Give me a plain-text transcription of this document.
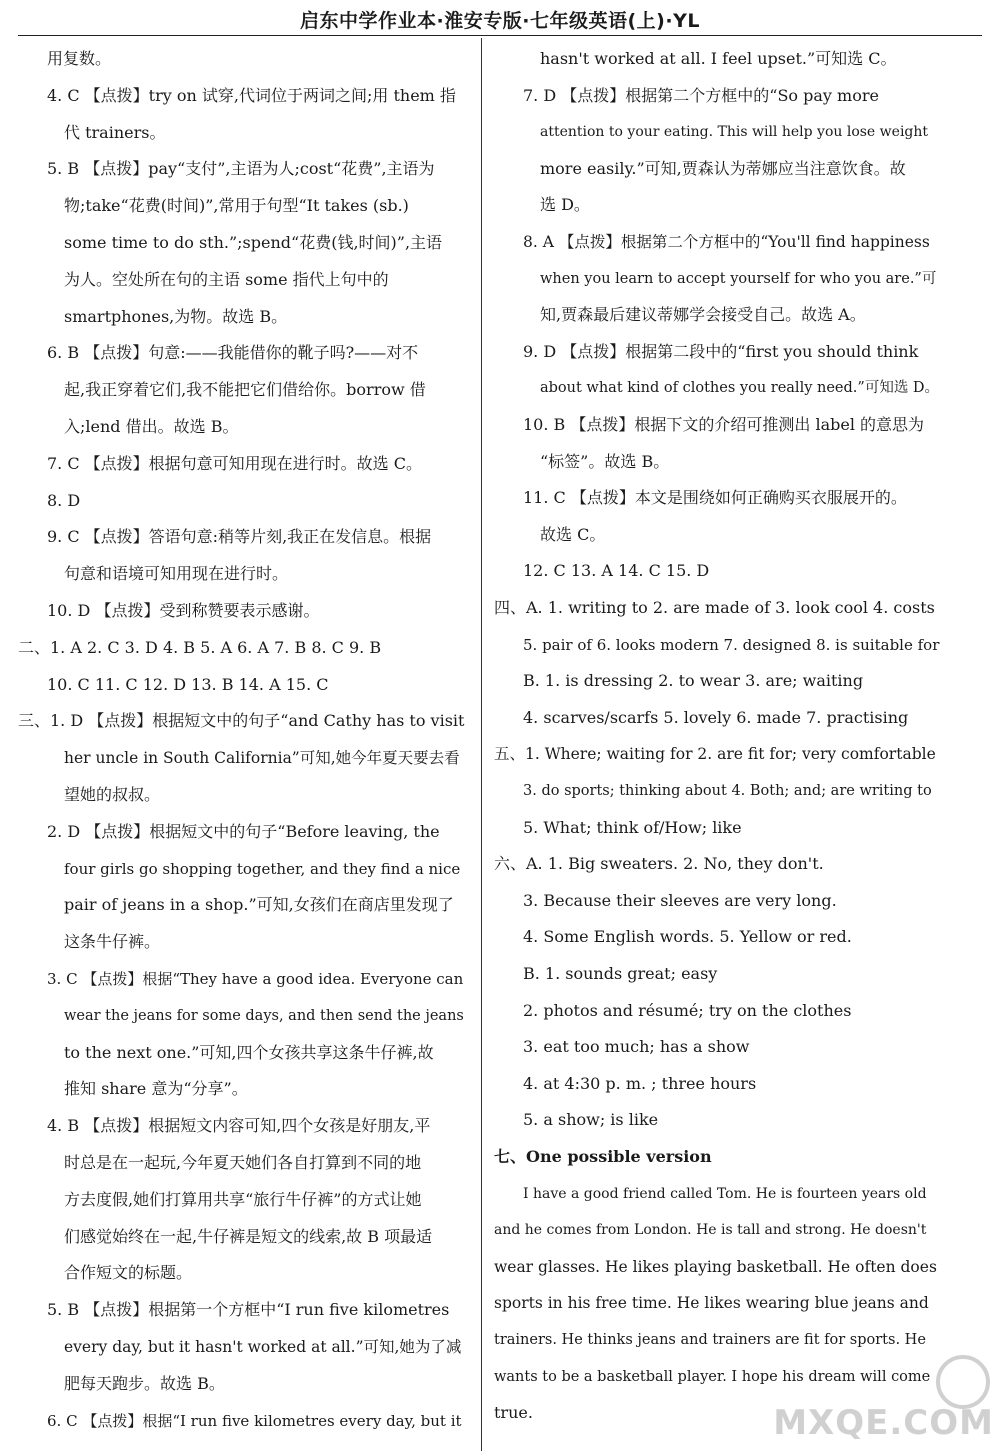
启东中学作业本·淮安专版·七年级英语(上)·YL
用复数。
4. C 【点拨】try on 试穿,代词位于两词之间;用 them 指
代 trainers。
5. B 【点拨】pay“支付”,主语为人;cost“花费”,主语为
物;take“花费(时间)”,常用于句型“It takes (sb.)
some time to do sth.”;spend“花费(钱,时间)”,主语
为人。空处所在句的主语 some 指代上句中的
smartphones,为物。故选 B。
6. B 【点拨】句意:——我能借你的靴子吗?——对不
起,我正穿着它们,我不能把它们借给你。borrow 借
入;lend 借出。故选 B。
7. C 【点拨】根据句意可知用现在进行时。故选 C。
8. D
9. C 【点拨】答语句意:稍等片刻,我正在发信息。根据
句意和语境可知用现在进行时。
10. D 【点拨】受到称赞要表示感谢。
二、1. A 2. C 3. D 4. B 5. A 6. A 7. B 8. C 9. B
10. C 11. C 12. D 13. B 14. A 15. C
三、1. D 【点拨】根据短文中的句子“and Cathy has to visit
her uncle in South California”可知,她今年夏天要去看
望她的叔叔。
2. D 【点拨】根据短文中的句子“Before leaving, the
four girls go shopping together, and they find a nice
pair of jeans in a shop.”可知,女孩们在商店里发现了
这条牛仔裤。
3. C 【点拨】根据“They have a good idea. Everyone can
wear the jeans for some days, and then send the jeans
to the next one.”可知,四个女孩共享这条牛仔裤,故
推知 share 意为“分享”。
4. B 【点拨】根据短文内容可知,四个女孩是好朋友,平
时总是在一起玩,今年夏天她们各自打算到不同的地
方去度假,她们打算用共享“旅行牛仔裤”的方式让她
们感觉始终在一起,牛仔裤是短文的线索,故 B 项最适
合作短文的标题。
5. B 【点拨】根据第一个方框中“I run five kilometres
every day, but it hasn't worked at all.”可知,她为了减
肥每天跑步。故选 B。
6. C 【点拨】根据“I run five kilometres every day, but it
hasn't worked at all. I feel upset.”可知选 C。
7. D 【点拨】根据第二个方框中的“So pay more
attention to your eating. This will help you lose weight
more easily.”可知,贾森认为蒂娜应当注意饮食。故
选 D。
8. A 【点拨】根据第二个方框中的“You'll find happiness
when you learn to accept yourself for who you are.”可
知,贾森最后建议蒂娜学会接受自己。故选 A。
9. D 【点拨】根据第二段中的“first you should think
about what kind of clothes you really need.”可知选 D。
10. B 【点拨】根据下文的介绍可推测出 label 的意思为
“标签”。故选 B。
11. C 【点拨】本文是围绕如何正确购买衣服展开的。
故选 C。
12. C 13. A 14. C 15. D
四、A. 1. writing to 2. are made of 3. look cool 4. costs
5. pair of 6. looks modern 7. designed 8. is suitable for
B. 1. is dressing 2. to wear 3. are; waiting
4. scarves/scarfs 5. lovely 6. made 7. practising
五、1. Where; waiting for 2. are fit for; very comfortable
3. do sports; thinking about 4. Both; and; are writing to
5. What; think of/How; like
六、A. 1. Big sweaters. 2. No, they don't.
3. Because their sleeves are very long.
4. Some English words. 5. Yellow or red.
B. 1. sounds great; easy
2. photos and résumé; try on the clothes
3. eat too much; has a show
4. at 4:30 p. m. ; three hours
5. a show; is like
七、One possible version
I have a good friend called Tom. He is fourteen years old
and he comes from London. He is tall and strong. He doesn't
wear glasses. He likes playing basketball. He often does
sports in his free time. He likes wearing blue jeans and
trainers. He thinks jeans and trainers are fit for sports. He
wants to be a basketball player. I hope his dream will come
true.	MXQE.COM
